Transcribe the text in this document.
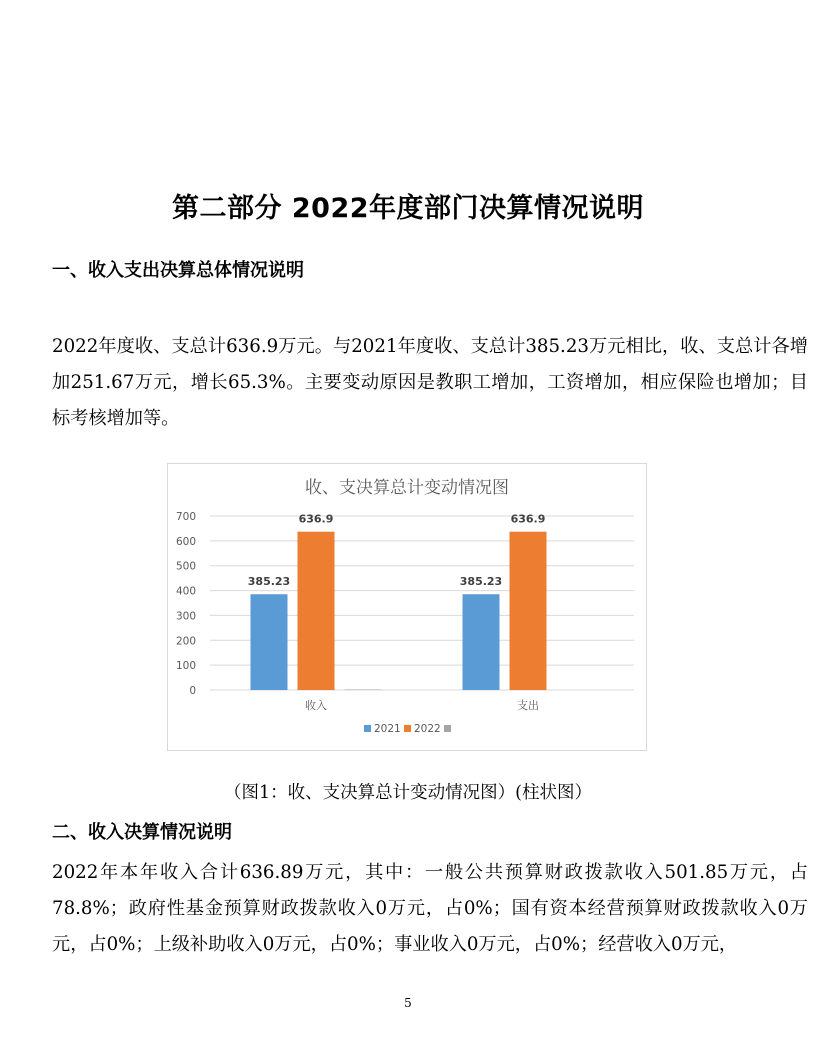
第二部分 2022年度部门决算情况说明
一、收入支出决算总体情况说明

2022年度收、支总计636.9万元。与2021年度收、支总计385.23万元相比，收、支总计各增加251.67万元，增长65.3%。主要变动原因是教职工增加，工资增加，相应保险也增加；目标考核增加等。

收、支决算总计变动情况图
0
100
200
300
400
500
600
700
385.23
636.9
收入
385.23
636.9
支出
2021 2022
（图1：收、支决算总计变动情况图）(柱状图）
二、收入决算情况说明

2022年本年收入合计636.89万元，其中：一般公共预算财政拨款收入501.85万元，占78.8%；政府性基金预算财政拨款收入0万元，占0%；国有资本经营预算财政拨款收入0万元，占0%；上级补助收入0万元，占0%；事业收入0万元，占0%；经营收入0万元，

5
